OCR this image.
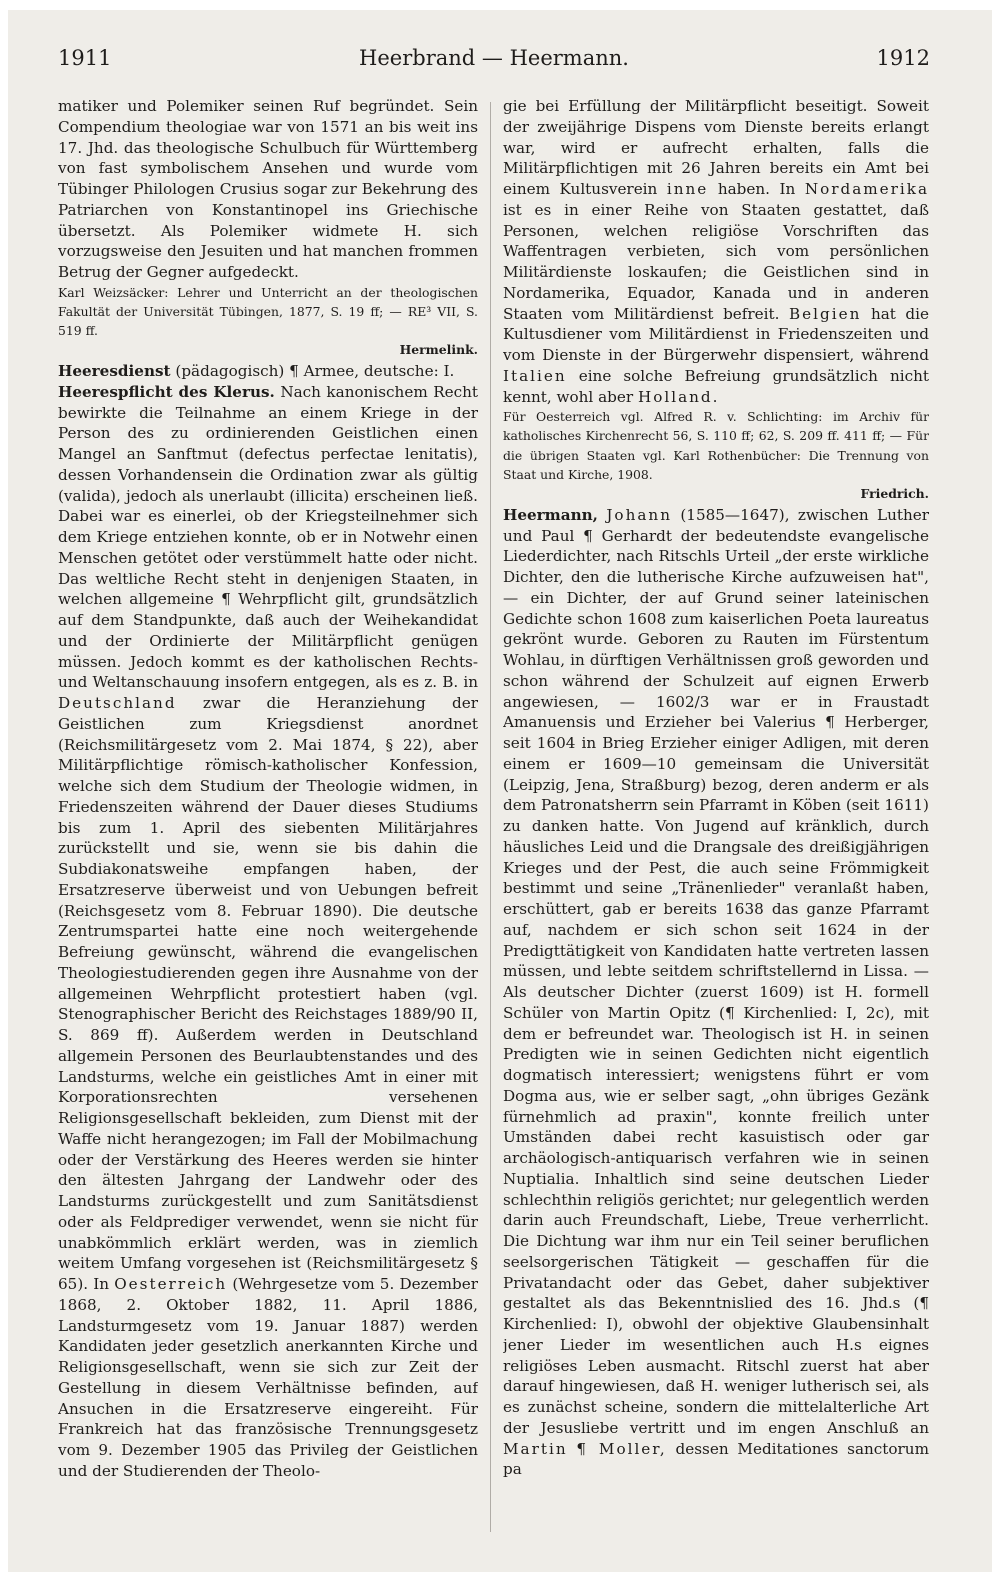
1911	Heerbrand — Heermann.	1912

matiker und Polemiker seinen Ruf begründet. Sein Compendium theologiae war von 1571 an bis weit ins 17. Jhd. das theologische Schulbuch für Württemberg von fast symbolischem Ansehen und wurde vom Tübinger Philologen Crusius sogar zur Bekehrung des Patriarchen von Konstantinopel ins Griechische übersetzt. Als Polemiker widmete H. sich vorzugsweise den Jesuiten und hat manchen frommen Betrug der Gegner aufgedeckt.

Karl Weizsäcker: Lehrer und Unterricht an der theologischen Fakultät der Universität Tübingen, 1877, S. 19 ff; — RE³ VII, S. 519 ff.

Hermelink.

Heeresdienst (pädagogisch) ¶ Armee, deutsche: I.

Heerespflicht des Klerus. Nach kanonischem Recht bewirkte die Teilnahme an einem Kriege in der Person des zu ordinierenden Geistlichen einen Mangel an Sanftmut (defectus perfectae lenitatis), dessen Vorhandensein die Ordination zwar als gültig (valida), jedoch als unerlaubt (illicita) erscheinen ließ. Dabei war es einerlei, ob der Kriegsteilnehmer sich dem Kriege entziehen konnte, ob er in Notwehr einen Menschen getötet oder verstümmelt hatte oder nicht. Das weltliche Recht steht in denjenigen Staaten, in welchen allgemeine ¶ Wehrpflicht gilt, grundsätzlich auf dem Standpunkte, daß auch der Weihekandidat und der Ordinierte der Militärpflicht genügen müssen. Jedoch kommt es der katholischen Rechts- und Weltanschauung insofern entgegen, als es z. B. in Deutschland zwar die Heranziehung der Geistlichen zum Kriegsdienst anordnet (Reichsmilitärgesetz vom 2. Mai 1874, § 22), aber Militärpflichtige römisch-katholischer Konfession, welche sich dem Studium der Theologie widmen, in Friedenszeiten während der Dauer dieses Studiums bis zum 1. April des siebenten Militärjahres zurückstellt und sie, wenn sie bis dahin die Subdiakonatsweihe empfangen haben, der Ersatzreserve überweist und von Uebungen befreit (Reichsgesetz vom 8. Februar 1890). Die deutsche Zentrumspartei hatte eine noch weitergehende Befreiung gewünscht, während die evangelischen Theologiestudierenden gegen ihre Ausnahme von der allgemeinen Wehrpflicht protestiert haben (vgl. Stenographischer Bericht des Reichstages 1889/90 II, S. 869 ff). Außerdem werden in Deutschland allgemein Personen des Beurlaubtenstandes und des Landsturms, welche ein geistliches Amt in einer mit Korporationsrechten versehenen Religionsgesellschaft bekleiden, zum Dienst mit der Waffe nicht herangezogen; im Fall der Mobilmachung oder der Verstärkung des Heeres werden sie hinter den ältesten Jahrgang der Landwehr oder des Landsturms zurückgestellt und zum Sanitätsdienst oder als Feldprediger verwendet, wenn sie nicht für unabkömmlich erklärt werden, was in ziemlich weitem Umfang vorgesehen ist (Reichsmilitärgesetz § 65). In Oesterreich (Wehrgesetze vom 5. Dezember 1868, 2. Oktober 1882, 11. April 1886, Landsturmgesetz vom 19. Januar 1887) werden Kandidaten jeder gesetzlich anerkannten Kirche und Religionsgesellschaft, wenn sie sich zur Zeit der Gestellung in diesem Verhältnisse befinden, auf Ansuchen in die Ersatzreserve eingereiht. Für Frankreich hat das französische Trennungsgesetz vom 9. Dezember 1905 das Privileg der Geistlichen und der Studierenden der Theolo-

gie bei Erfüllung der Militärpflicht beseitigt. Soweit der zweijährige Dispens vom Dienste bereits erlangt war, wird er aufrecht erhalten, falls die Militärpflichtigen mit 26 Jahren bereits ein Amt bei einem Kultusverein inne haben. In Nordamerika ist es in einer Reihe von Staaten gestattet, daß Personen, welchen religiöse Vorschriften das Waffentragen verbieten, sich vom persönlichen Militärdienste loskaufen; die Geistlichen sind in Nordamerika, Equador, Kanada und in anderen Staaten vom Militärdienst befreit. Belgien hat die Kultusdiener vom Militärdienst in Friedenszeiten und vom Dienste in der Bürgerwehr dispensiert, während Italien eine solche Befreiung grundsätzlich nicht kennt, wohl aber Holland.

Für Oesterreich vgl. Alfred R. v. Schlichting: im Archiv für katholisches Kirchenrecht 56, S. 110 ff; 62, S. 209 ff. 411 ff; — Für die übrigen Staaten vgl. Karl Rothenbücher: Die Trennung von Staat und Kirche, 1908.

Friedrich.

Heermann, Johann (1585—1647), zwischen Luther und Paul ¶ Gerhardt der bedeutendste evangelische Liederdichter, nach Ritschls Urteil „der erste wirkliche Dichter, den die lutherische Kirche aufzuweisen hat", — ein Dichter, der auf Grund seiner lateinischen Gedichte schon 1608 zum kaiserlichen Poeta laureatus gekrönt wurde. Geboren zu Rauten im Fürstentum Wohlau, in dürftigen Verhältnissen groß geworden und schon während der Schulzeit auf eignen Erwerb angewiesen, — 1602/3 war er in Fraustadt Amanuensis und Erzieher bei Valerius ¶ Herberger, seit 1604 in Brieg Erzieher einiger Adligen, mit deren einem er 1609—10 gemeinsam die Universität (Leipzig, Jena, Straßburg) bezog, deren anderm er als dem Patronatsherrn sein Pfarramt in Köben (seit 1611) zu danken hatte. Von Jugend auf kränklich, durch häusliches Leid und die Drangsale des dreißigjährigen Krieges und der Pest, die auch seine Frömmigkeit bestimmt und seine „Tränenlieder" veranlaßt haben, erschüttert, gab er bereits 1638 das ganze Pfarramt auf, nachdem er sich schon seit 1624 in der Predigttätigkeit von Kandidaten hatte vertreten lassen müssen, und lebte seitdem schriftstellernd in Lissa. — Als deutscher Dichter (zuerst 1609) ist H. formell Schüler von Martin Opitz (¶ Kirchenlied: I, 2c), mit dem er befreundet war. Theologisch ist H. in seinen Predigten wie in seinen Gedichten nicht eigentlich dogmatisch interessiert; wenigstens führt er vom Dogma aus, wie er selber sagt, „ohn übriges Gezänk fürnehmlich ad praxin", konnte freilich unter Umständen dabei recht kasuistisch oder gar archäologisch-antiquarisch verfahren wie in seinen Nuptialia. Inhaltlich sind seine deutschen Lieder schlechthin religiös gerichtet; nur gelegentlich werden darin auch Freundschaft, Liebe, Treue verherrlicht. Die Dichtung war ihm nur ein Teil seiner beruflichen seelsorgerischen Tätigkeit — geschaffen für die Privatandacht oder das Gebet, daher subjektiver gestaltet als das Bekenntnislied des 16. Jhd.s (¶ Kirchenlied: I), obwohl der objektive Glaubensinhalt jener Lieder im wesentlichen auch H.s eignes religiöses Leben ausmacht. Ritschl zuerst hat aber darauf hingewiesen, daß H. weniger lutherisch sei, als es zunächst scheine, sondern die mittelalterliche Art der Jesusliebe vertritt und im engen Anschluß an Martin ¶ Moller, dessen Meditationes sanctorum pa
